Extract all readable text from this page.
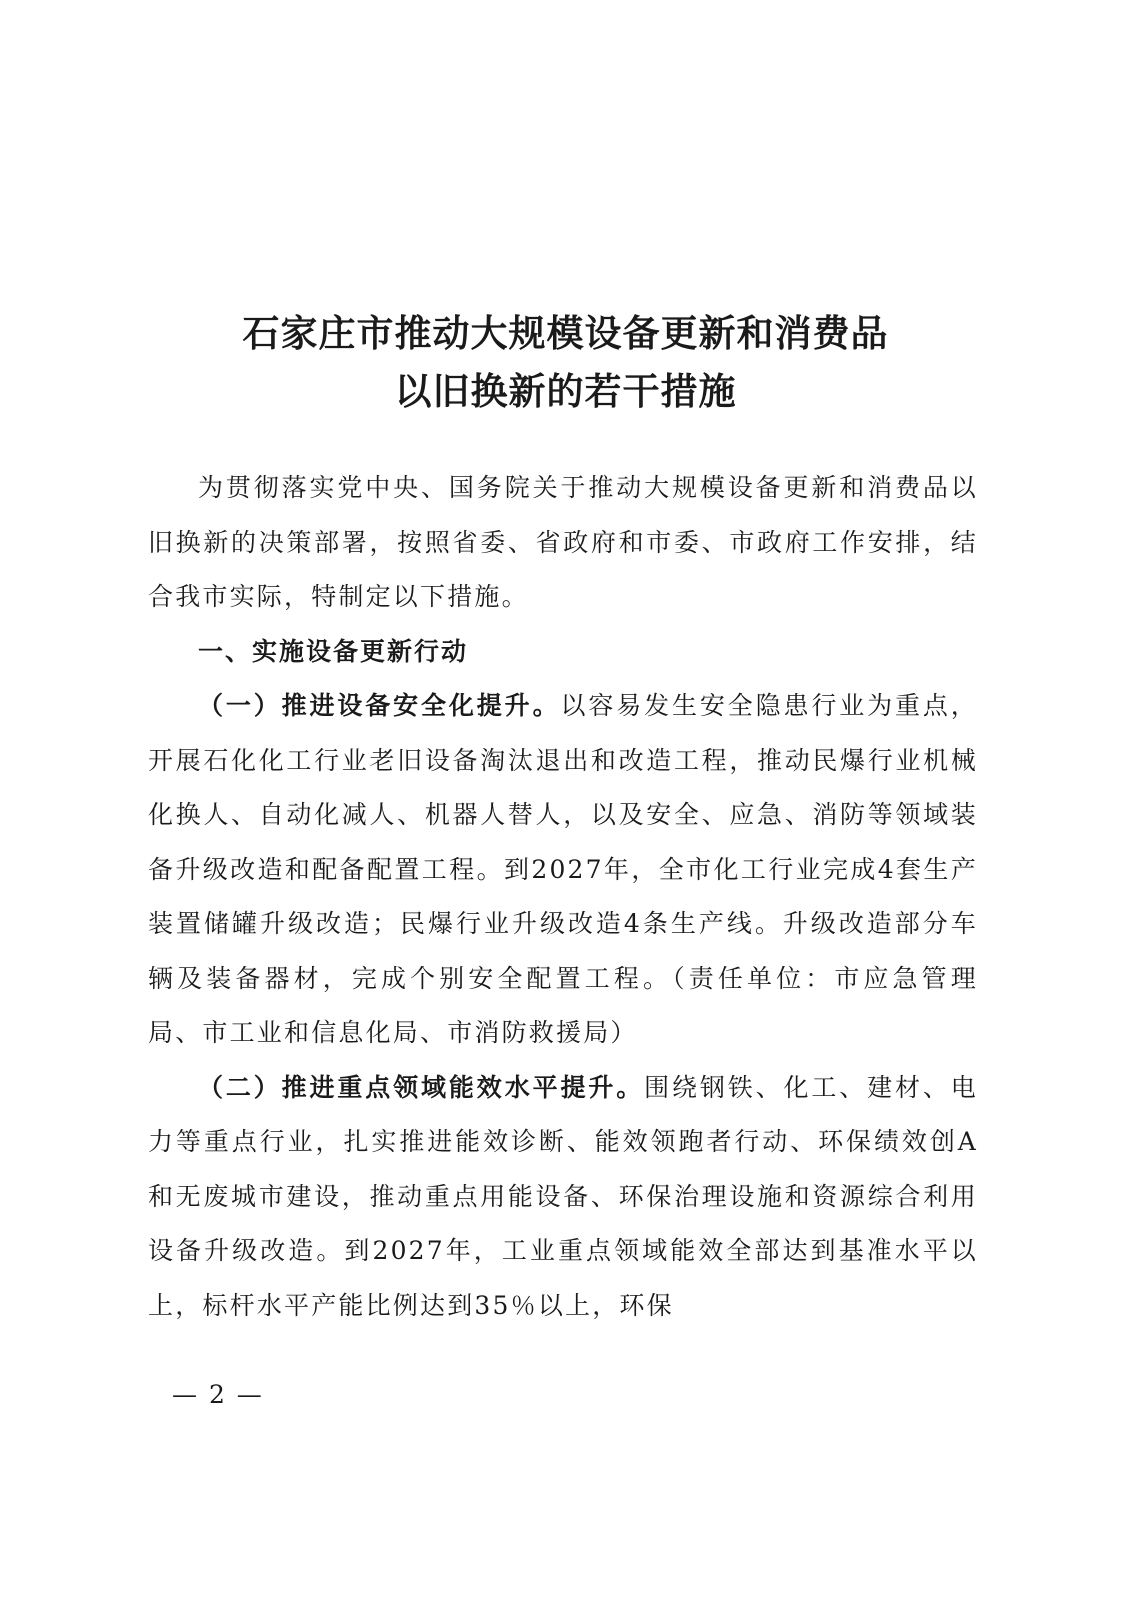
石家庄市推动大规模设备更新和消费品
以旧换新的若干措施

为贯彻落实党中央、国务院关于推动大规模设备更新和消费品以旧换新的决策部署，按照省委、省政府和市委、市政府工作安排，结合我市实际，特制定以下措施。

一、实施设备更新行动

（一）推进设备安全化提升。以容易发生安全隐患行业为重点，开展石化化工行业老旧设备淘汰退出和改造工程，推动民爆行业机械化换人、自动化减人、机器人替人，以及安全、应急、消防等领域装备升级改造和配备配置工程。到2027年，全市化工行业完成4套生产装置储罐升级改造；民爆行业升级改造4条生产线。升级改造部分车辆及装备器材，完成个别安全配置工程。（责任单位：市应急管理局、市工业和信息化局、市消防救援局）

（二）推进重点领域能效水平提升。围绕钢铁、化工、建材、电力等重点行业，扎实推进能效诊断、能效领跑者行动、环保绩效创A和无废城市建设，推动重点用能设备、环保治理设施和资源综合利用设备升级改造。到2027年，工业重点领域能效全部达到基准水平以上，标杆水平产能比例达到35％以上，环保

— 2 —
